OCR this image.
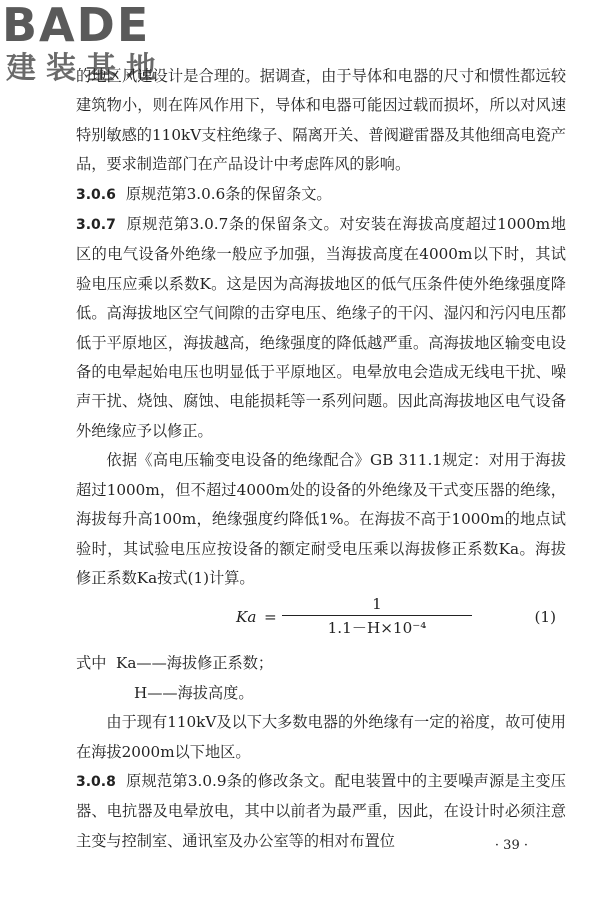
BADE
建装基地

的地区风速设计是合理的。据调查，由于导体和电器的尺寸和惯性都远较建筑物小，则在阵风作用下，导体和电器可能因过载而损坏，所以对风速特别敏感的110kV支柱绝缘子、隔离开关、普阀避雷器及其他细高电瓷产品，要求制造部门在产品设计中考虑阵风的影响。

3.0.6 原规范第3.0.6条的保留条文。

3.0.7 原规范第3.0.7条的保留条文。对安装在海拔高度超过1000m地区的电气设备外绝缘一般应予加强，当海拔高度在4000m以下时，其试验电压应乘以系数K。这是因为高海拔地区的低气压条件使外绝缘强度降低。高海拔地区空气间隙的击穿电压、绝缘子的干闪、湿闪和污闪电压都低于平原地区，海拔越高，绝缘强度的降低越严重。高海拔地区输变电设备的电晕起始电压也明显低于平原地区。电晕放电会造成无线电干扰、噪声干扰、烧蚀、腐蚀、电能损耗等一系列问题。因此高海拔地区电气设备外绝缘应予以修正。

依据《高电压输变电设备的绝缘配合》GB 311.1规定：对用于海拔超过1000m，但不超过4000m处的设备的外绝缘及干式变压器的绝缘，海拔每升高100m，绝缘强度约降低1%。在海拔不高于1000m的地点试验时，其试验电压应按设备的额定耐受电压乘以海拔修正系数Ka。海拔修正系数Ka按式(1)计算。

$Ka = \frac{1}{\text{1.1－H×10⁻⁴}}$	(1)

式中 Ka——海拔修正系数；

H——海拔高度。

由于现有110kV及以下大多数电器的外绝缘有一定的裕度，故可使用在海拔2000m以下地区。

3.0.8 原规范第3.0.9条的修改条文。配电装置中的主要噪声源是主变压器、电抗器及电晕放电，其中以前者为最严重，因此，在设计时必须注意主变与控制室、通讯室及办公室等的相对布置位	· 39 ·
